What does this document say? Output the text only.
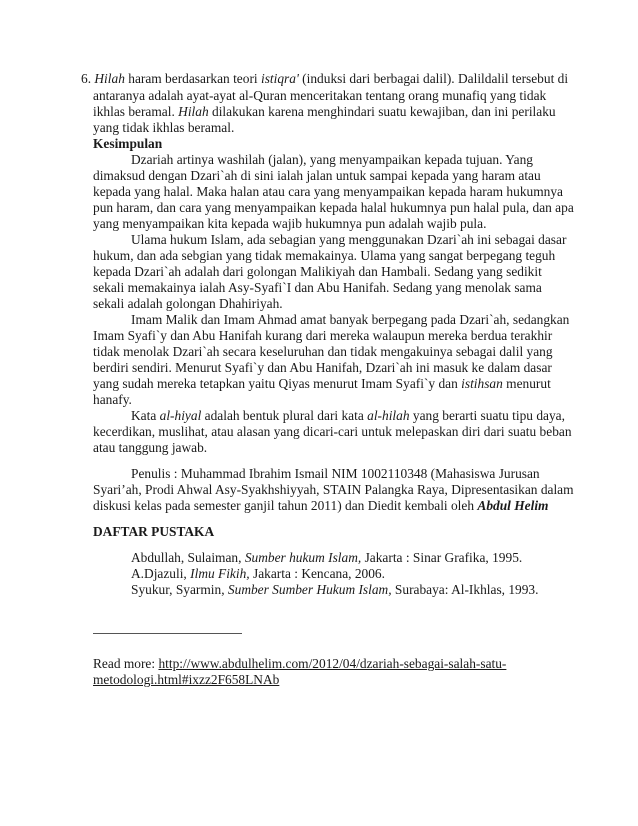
6. Hilah haram berdasarkan teori istiqra' (induksi dari berbagai dalil). Dalildalil tersebut di
antaranya adalah ayat-ayat al-Quran menceritakan tentang orang munafiq yang tidak
ikhlas beramal. Hilah dilakukan karena menghindari suatu kewajiban, dan ini perilaku
yang tidak ikhlas beramal.
Kesimpulan
Dzariah artinya washilah (jalan), yang menyampaikan kepada tujuan. Yang
dimaksud dengan Dzari`ah di sini ialah jalan untuk sampai kepada yang haram atau
kepada yang halal. Maka halan atau cara yang menyampaikan kepada haram hukumnya
pun haram, dan cara yang menyampaikan kepada halal hukumnya pun halal pula, dan apa
yang menyampaikan kita kepada wajib hukumnya pun adalah wajib pula.
Ulama hukum Islam, ada sebagian yang menggunakan Dzari`ah ini sebagai dasar
hukum, dan ada sebgian yang tidak memakainya. Ulama yang sangat berpegang teguh
kepada Dzari`ah adalah dari golongan Malikiyah dan Hambali. Sedang yang sedikit
sekali memakainya ialah Asy-Syafi`I dan Abu Hanifah. Sedang yang menolak sama
sekali adalah golongan Dhahiriyah.
Imam Malik dan Imam Ahmad amat banyak berpegang pada Dzari`ah, sedangkan
Imam Syafi`y dan Abu Hanifah kurang dari mereka walaupun mereka berdua terakhir
tidak menolak Dzari`ah secara keseluruhan dan tidak mengakuinya sebagai dalil yang
berdiri sendiri. Menurut Syafi`y dan Abu Hanifah, Dzari`ah ini masuk ke dalam dasar
yang sudah mereka tetapkan yaitu Qiyas menurut Imam Syafi`y dan istihsan menurut
hanafy.
Kata al-hiyal adalah bentuk plural dari kata al-hilah yang berarti suatu tipu daya,
kecerdikan, muslihat, atau alasan yang dicari-cari untuk melepaskan diri dari suatu beban
atau tanggung jawab.
Penulis : Muhammad Ibrahim Ismail NIM 1002110348 (Mahasiswa Jurusan
Syari’ah, Prodi Ahwal Asy-Syakhshiyyah, STAIN Palangka Raya, Dipresentasikan dalam
diskusi kelas pada semester ganjil tahun 2011) dan Diedit kembali oleh Abdul Helim
DAFTAR PUSTAKA
Abdullah, Sulaiman, Sumber hukum Islam, Jakarta : Sinar Grafika, 1995.
A.Djazuli, Ilmu Fikih, Jakarta : Kencana, 2006.
Syukur, Syarmin, Sumber Sumber Hukum Islam, Surabaya: Al-Ikhlas, 1993.
Read more: http://www.abdulhelim.com/2012/04/dzariah-sebagai-salah-satu-
metodologi.html#ixzz2F658LNAb
